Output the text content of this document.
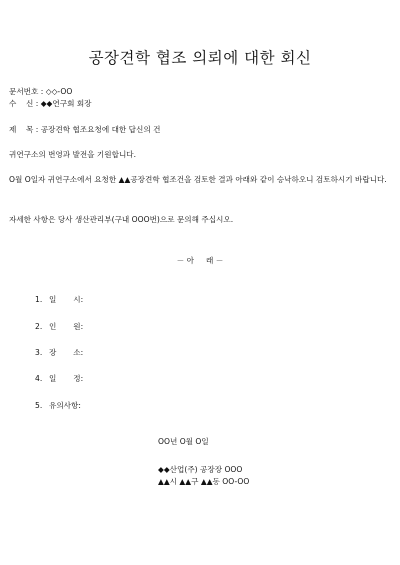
공장견학 협조 의뢰에 대한 회신
문서번호 : ◇◇-OO
수    신 : ◆◆연구회 회장
제    목 : 공장견학 협조요청에 대한 답신의 건
귀연구소의 번영과 발전을 기원합니다.
O월 O일자 귀연구소에서 요청한 ▲▲공장견학 협조건을 검토한 결과 아래와 같이 승낙하오니 검토하시기 바랍니다.
자세한 사항은 당사 생산관리부(구내 OOO번)으로 문의해 주십시오.
－ 아     래 －
1. 일       시:
2. 인       원:
3. 장       소:
4. 일       정:
5. 유의사항:
OO년 O월 O일
◆◆산업(주) 공장장 OOO
▲▲시 ▲▲구 ▲▲동 OO-OO
